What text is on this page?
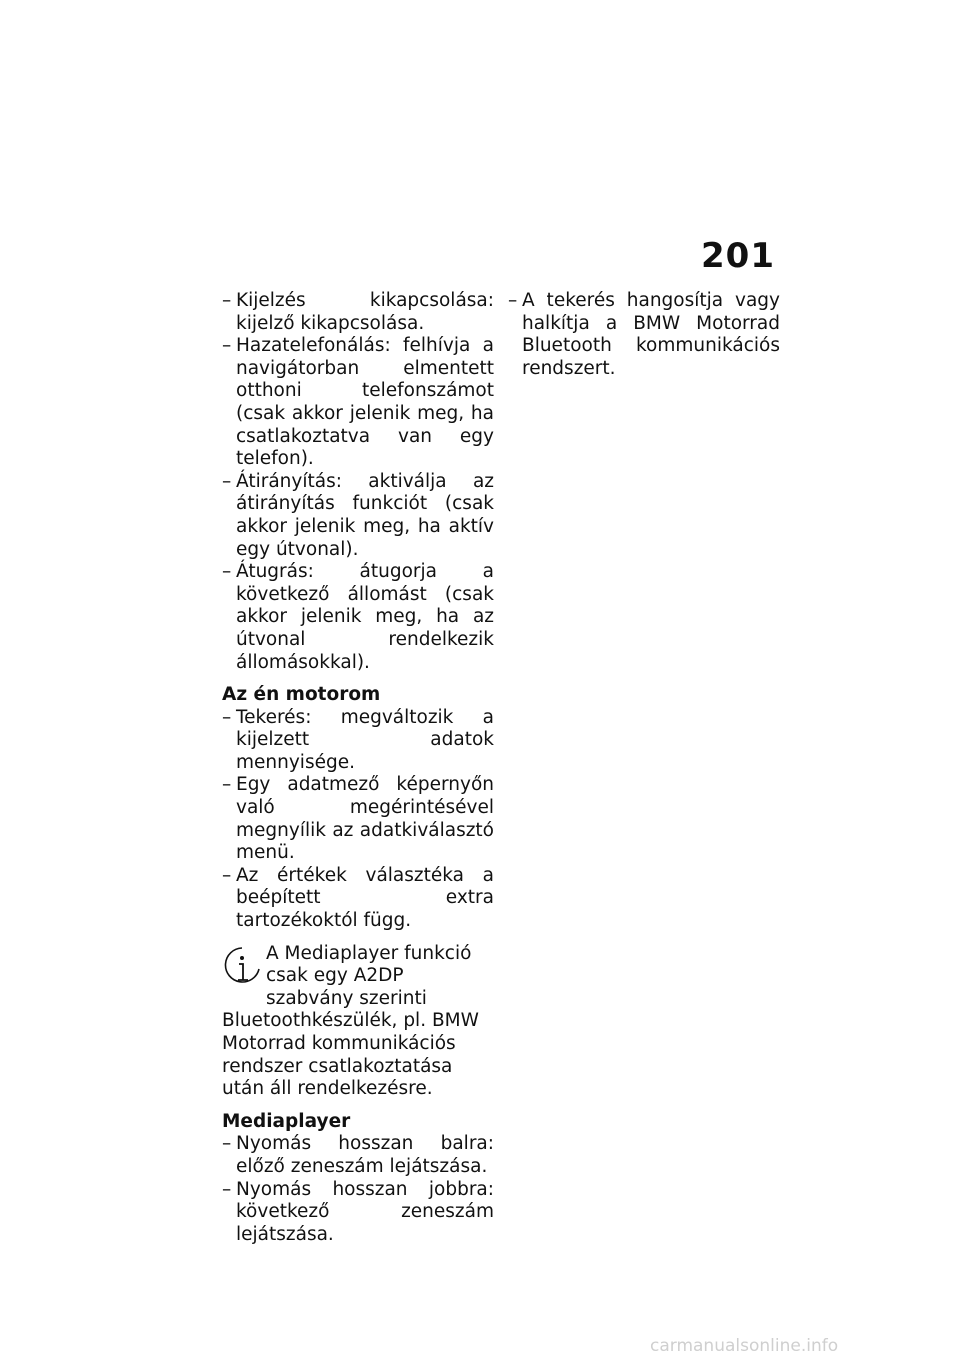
201
– Kijelzés kikapcsolása: kijelző kikapcsolása.
– Hazatelefonálás: felhívja a navigátorban elmentett otthoni telefonszámot (csak akkor jelenik meg, ha csatlakoztatva van egy telefon).
– Átirányítás: aktiválja az átirányítás funkciót (csak akkor jelenik meg, ha aktív egy útvonal).
– Átugrás: átugorja a következő állomást (csak akkor jelenik meg, ha az útvonal rendelkezik állomásokkal).

Az én motorom

– Tekerés: megváltozik a kijelzett adatok mennyisége.
– Egy adatmező képernyőn való megérintésével megnyílik az adatkiválasztó menü.
– Az értékek választéka a beépített extra tartozékoktól függ.

A Mediaplayer funkció csak egy A2DP szabvány szerinti Bluetoothkészülék, pl. BMW Motorrad kommunikációs rendszer csatlakoztatása után áll rendelkezésre.

Mediaplayer

– Nyomás hosszan balra: előző zeneszám lejátszása.
– Nyomás hosszan jobbra: következő zeneszám lejátszása.
– A tekerés hangosítja vagy halkítja a BMW Motorrad Bluetooth kommunikációs rendszert.

carmanualsonline.info
